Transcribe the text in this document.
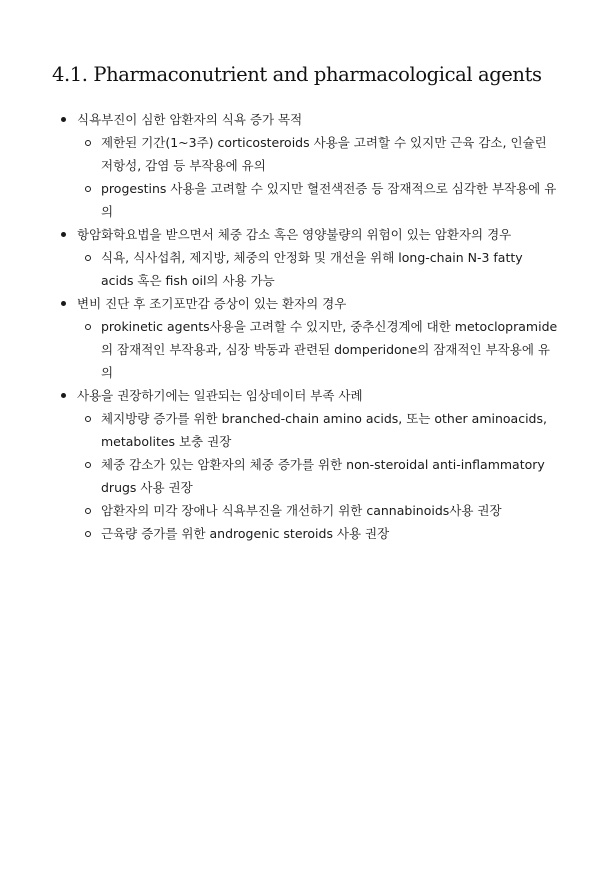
4.1. Pharmaconutrient and pharmacological agents
식욕부진이 심한 암환자의 식욕 증가 목적
제한된 기간(1~3주) corticosteroids 사용을 고려할 수 있지만 근육 감소, 인슐린 저항성, 감염 등 부작용에 유의
progestins 사용을 고려할 수 있지만 혈전색전증 등 잠재적으로 심각한 부작용에 유의
항암화학요법을 받으면서 체중 감소 혹은 영양불량의 위험이 있는 암환자의 경우
식욕, 식사섭취, 제지방, 체중의 안정화 및 개선을 위해 long-chain N-3 fatty acids 혹은 fish oil의 사용 가능
변비 진단 후 조기포만감 증상이 있는 환자의 경우
prokinetic agents사용을 고려할 수 있지만, 중추신경계에 대한 metoclopramide의 잠재적인 부작용과, 심장 박동과 관련된 domperidone의 잠재적인 부작용에 유의
사용을 권장하기에는 일관되는 임상데이터 부족 사례
체지방량 증가를 위한 branched-chain amino acids, 또는 other aminoacids, metabolites 보충 권장
체중 감소가 있는 암환자의 체중 증가를 위한 non-steroidal anti-inflammatory drugs 사용 권장
암환자의 미각 장애나 식욕부진을 개선하기 위한 cannabinoids사용 권장
근육량 증가를 위한 androgenic steroids 사용 권장
